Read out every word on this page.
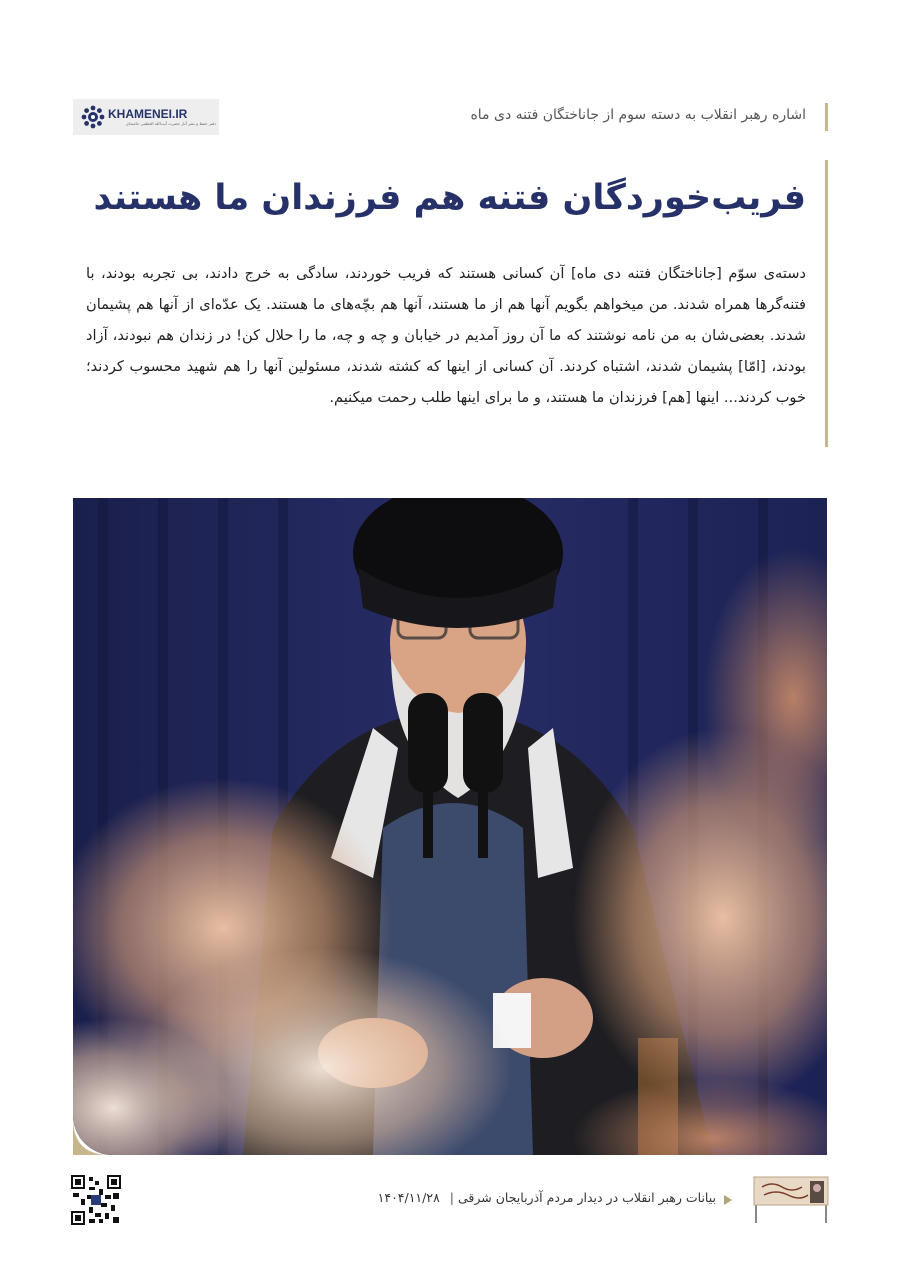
KHAMENEI.IR
دفتر حفظ و نشر آثار حضرت آیت‌الله العظمی خامنه‌ای	اشاره رهبر انقلاب به دسته سوم از جاناختگان فتنه دی ماه
فریب‌خوردگان فتنه هم فرزندان ما هستند
دسته‌ی سوّم [جاناختگان فتنه دی ماه] آن کسانی هستند که فریب خوردند، سادگی به خرج دادند، بی تجربه بودند، با فتنه‌گرها همراه شدند. من میخواهم بگویم آنها هم از ما هستند، آنها هم بچّه‌های ما هستند. یک عدّه‌ای از آنها هم پشیمان شدند. بعضی‌شان به من نامه نوشتند که ما آن روز آمدیم در خیابان و چه و چه، ما را حلال کن! در زندان هم نبودند، آزاد بودند، [امّا] پشیمان شدند، اشتباه کردند. آن کسانی از اینها که کشته شدند، مسئولین آنها را هم شهید محسوب کردند؛ خوب کردند... اینها [هم] فرزندان ما هستند، و ما برای اینها طلب رحمت میکنیم.
بیانات رهبر انقلاب در دیدار مردم آذربایجان شرقی | ۱۴۰۴/۱۱/۲۸
